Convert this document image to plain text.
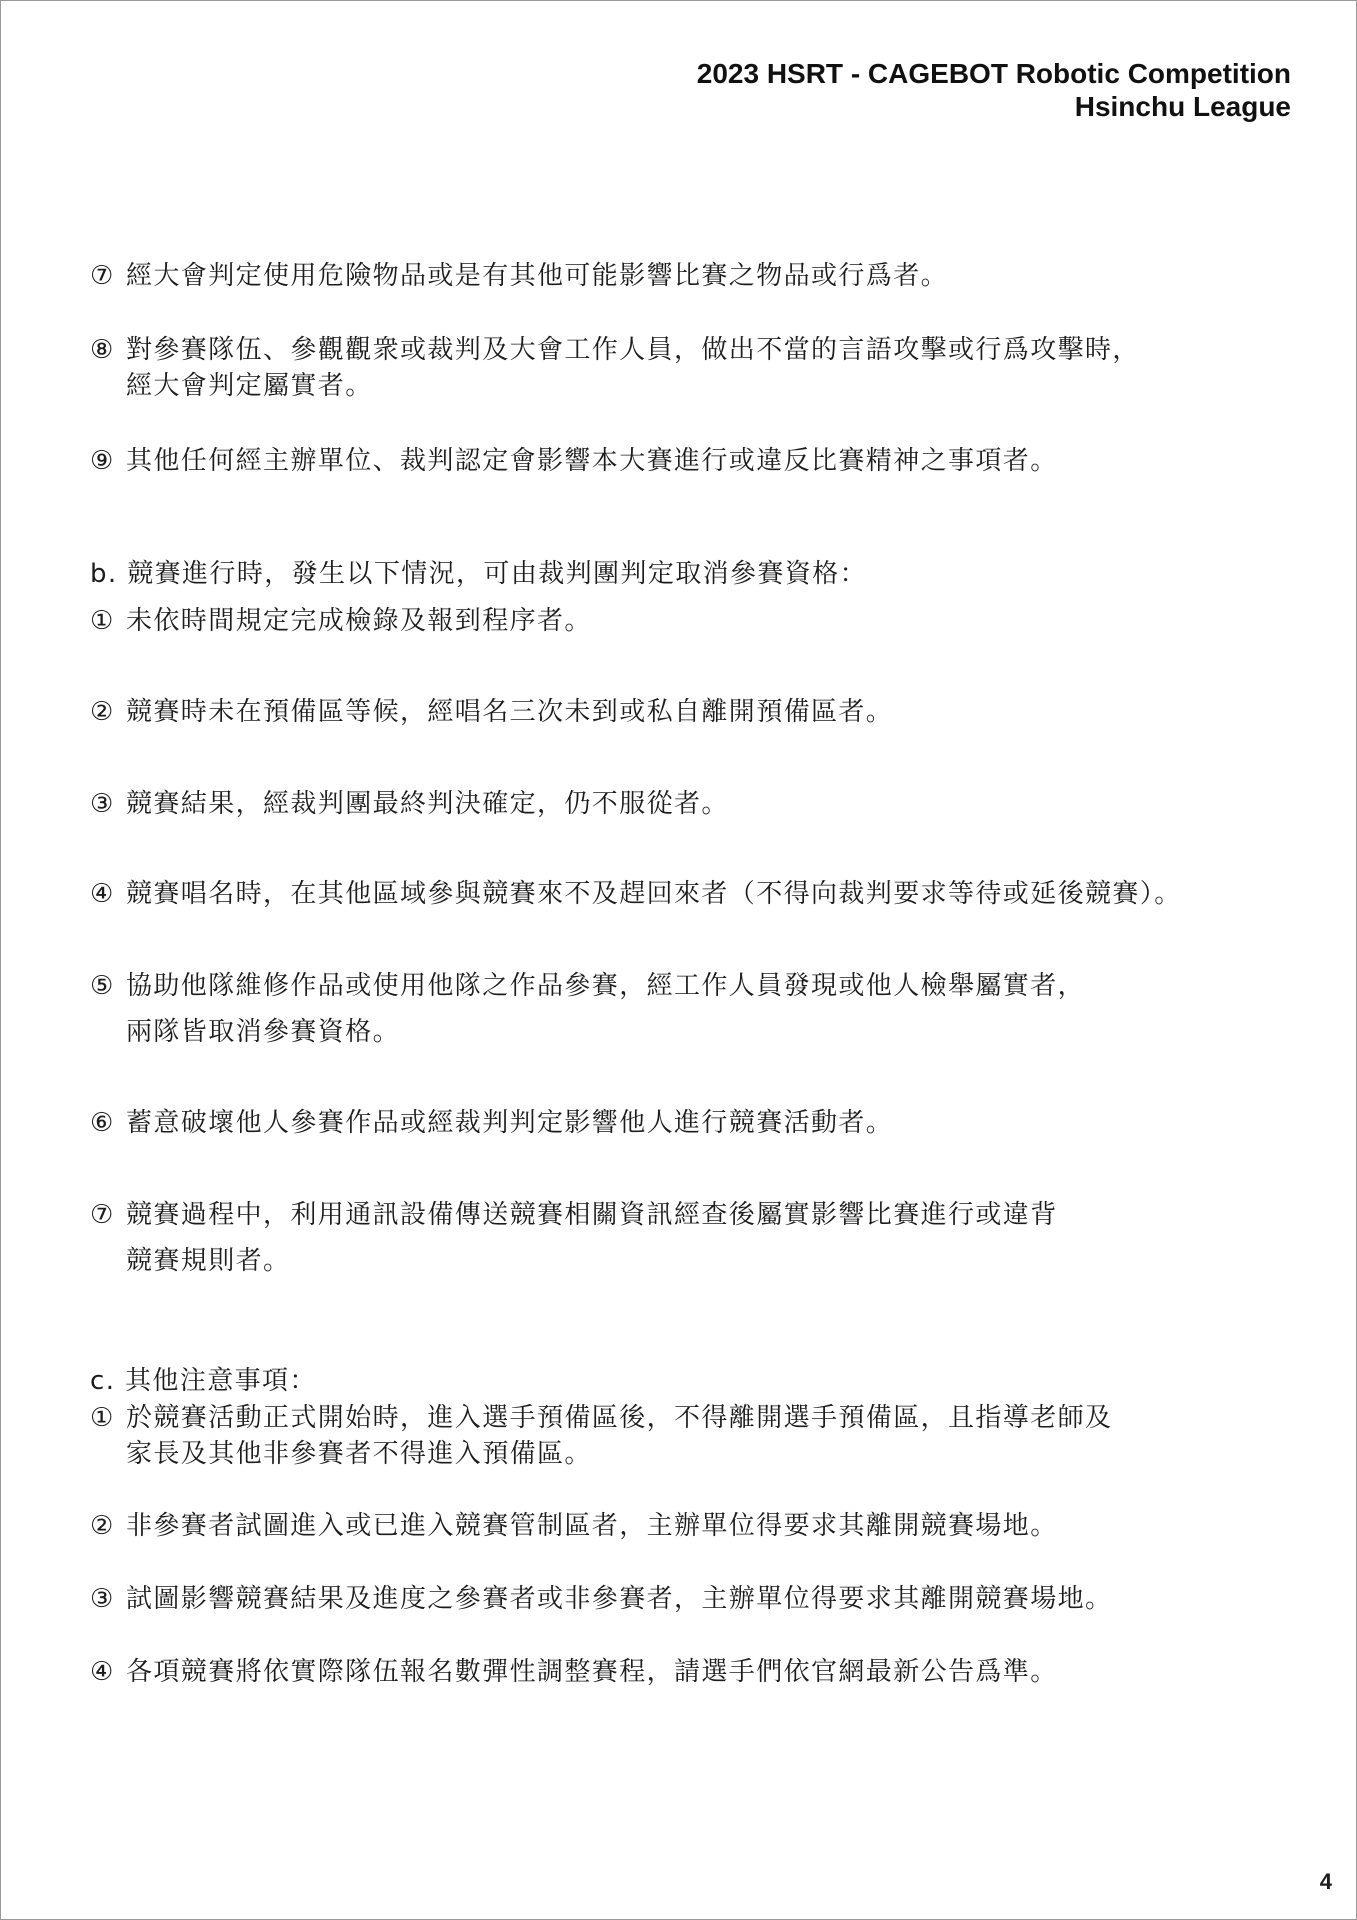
2023 HSRT - CAGEBOT Robotic Competition
Hsinchu League
⑦ 經大會判定使用危險物品或是有其他可能影響比賽之物品或行爲者。
⑧ 對參賽隊伍、參觀觀衆或裁判及大會工作人員，做出不當的言語攻擊或行爲攻擊時，
經大會判定屬實者。
⑨ 其他任何經主辦單位、裁判認定會影響本大賽進行或違反比賽精神之事項者。
b. 競賽進行時，發生以下情況，可由裁判團判定取消參賽資格：
① 未依時間規定完成檢錄及報到程序者。
② 競賽時未在預備區等候，經唱名三次未到或私自離開預備區者。
③ 競賽結果，經裁判團最終判決確定，仍不服從者。
④ 競賽唱名時，在其他區域參與競賽來不及趕回來者（不得向裁判要求等待或延後競賽）。
⑤ 協助他隊維修作品或使用他隊之作品參賽，經工作人員發現或他人檢舉屬實者，
兩隊皆取消參賽資格。
⑥ 蓄意破壞他人參賽作品或經裁判判定影響他人進行競賽活動者。
⑦ 競賽過程中，利用通訊設備傳送競賽相關資訊經查後屬實影響比賽進行或違背
競賽規則者。
c. 其他注意事項：
① 於競賽活動正式開始時，進入選手預備區後，不得離開選手預備區，且指導老師及
家長及其他非參賽者不得進入預備區。
② 非參賽者試圖進入或已進入競賽管制區者，主辦單位得要求其離開競賽場地。
③ 試圖影響競賽結果及進度之參賽者或非參賽者，主辦單位得要求其離開競賽場地。
④ 各項競賽將依實際隊伍報名數彈性調整賽程，請選手們依官網最新公告爲準。
4
